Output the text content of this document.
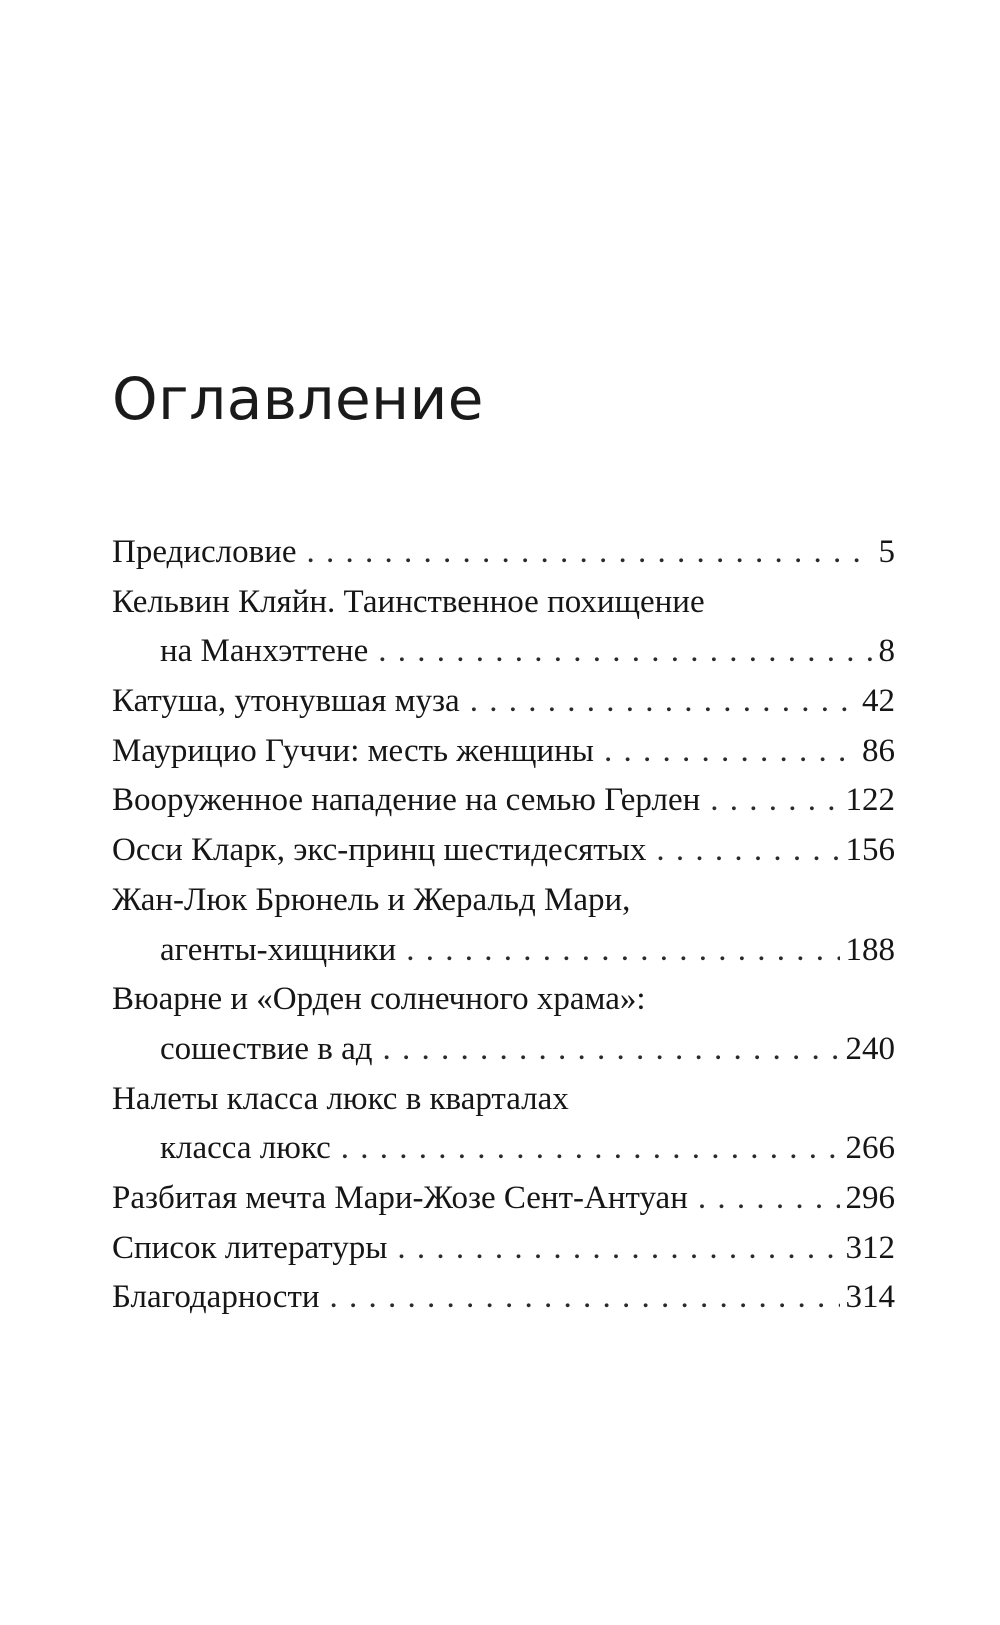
Оглавление
Предисловие . . .	5
Кельвин Кляйн. Таинственное похищение
на Манхэттене . . .	8
Катуша, утонувшая муза . . .	42
Маурицио Гуччи: месть женщины . . .	86
Вооруженное нападение на семью Герлен . . .	122
Осси Кларк, экс-принц шестидесятых . . .	156
Жан-Люк Брюнель и Жеральд Мари,
агенты-хищники . . .	188
Вюарне и «Орден солнечного храма»:
сошествие в ад . . .	240
Налеты класса люкс в кварталах
класса люкс . . .	266
Разбитая мечта Мари-Жозе Сент-Антуан . . .	296
Список литературы . . .	312
Благодарности . . .	314
